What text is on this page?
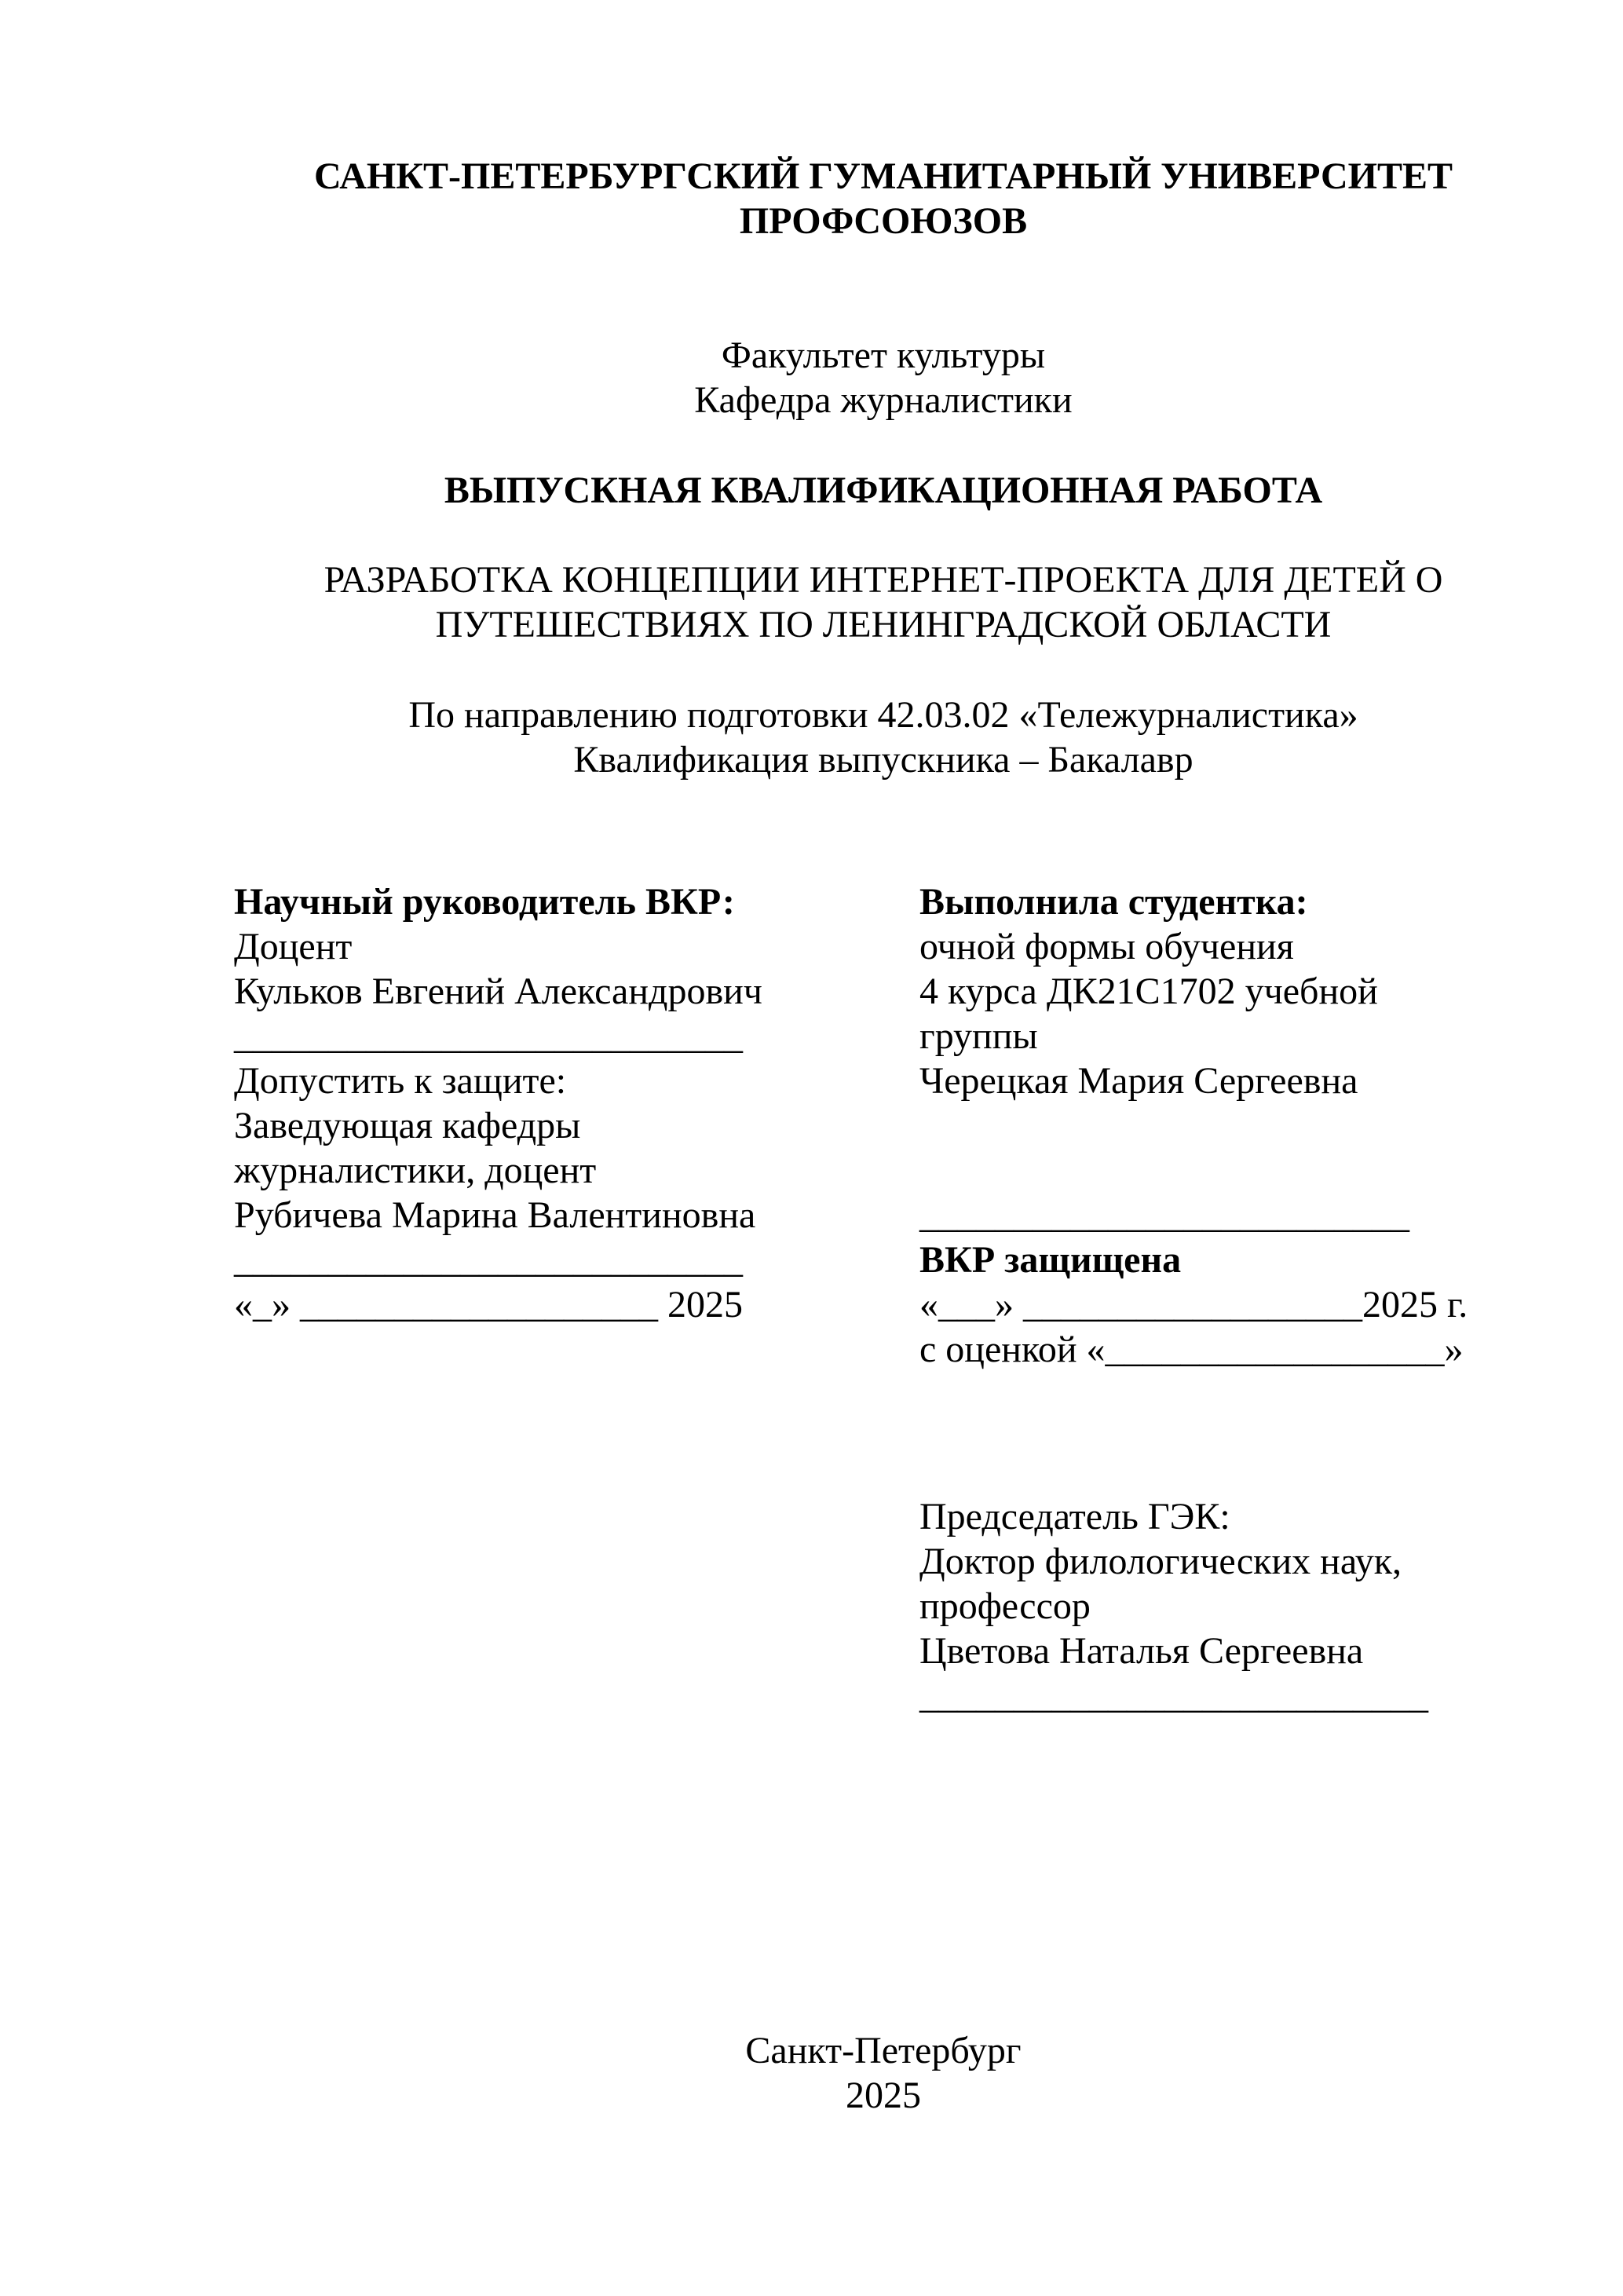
САНКТ-ПЕТЕРБУРГСКИЙ ГУМАНИТАРНЫЙ УНИВЕРСИТЕТ
ПРОФСОЮЗОВ
Факультет культуры
Кафедра журналистики
ВЫПУСКНАЯ КВАЛИФИКАЦИОННАЯ РАБОТА
РАЗРАБОТКА КОНЦЕПЦИИ ИНТЕРНЕТ-ПРОЕКТА ДЛЯ ДЕТЕЙ О
ПУТЕШЕСТВИЯХ ПО ЛЕНИНГРАДСКОЙ ОБЛАСТИ
По направлению подготовки 42.03.02 «Тележурналистика»
Квалификация выпускника – Бакалавр
Научный руководитель ВКР:
Доцент
Кульков Евгений Александрович
___________________________
Допустить к защите:
Заведующая кафедры
журналистики, доцент
Рубичева Марина Валентиновна
___________________________
«_» ___________________ 2025
Выполнила студентка:
очной формы обучения
4 курса ДК21С1702 учебной
группы
Черецкая Мария Сергеевна

__________________________
ВКР защищена
«___» __________________2025 г.
с оценкой «__________________»
Председатель ГЭК:
Доктор филологических наук,
профессор
Цветова Наталья Сергеевна
___________________________
Санкт-Петербург
2025
